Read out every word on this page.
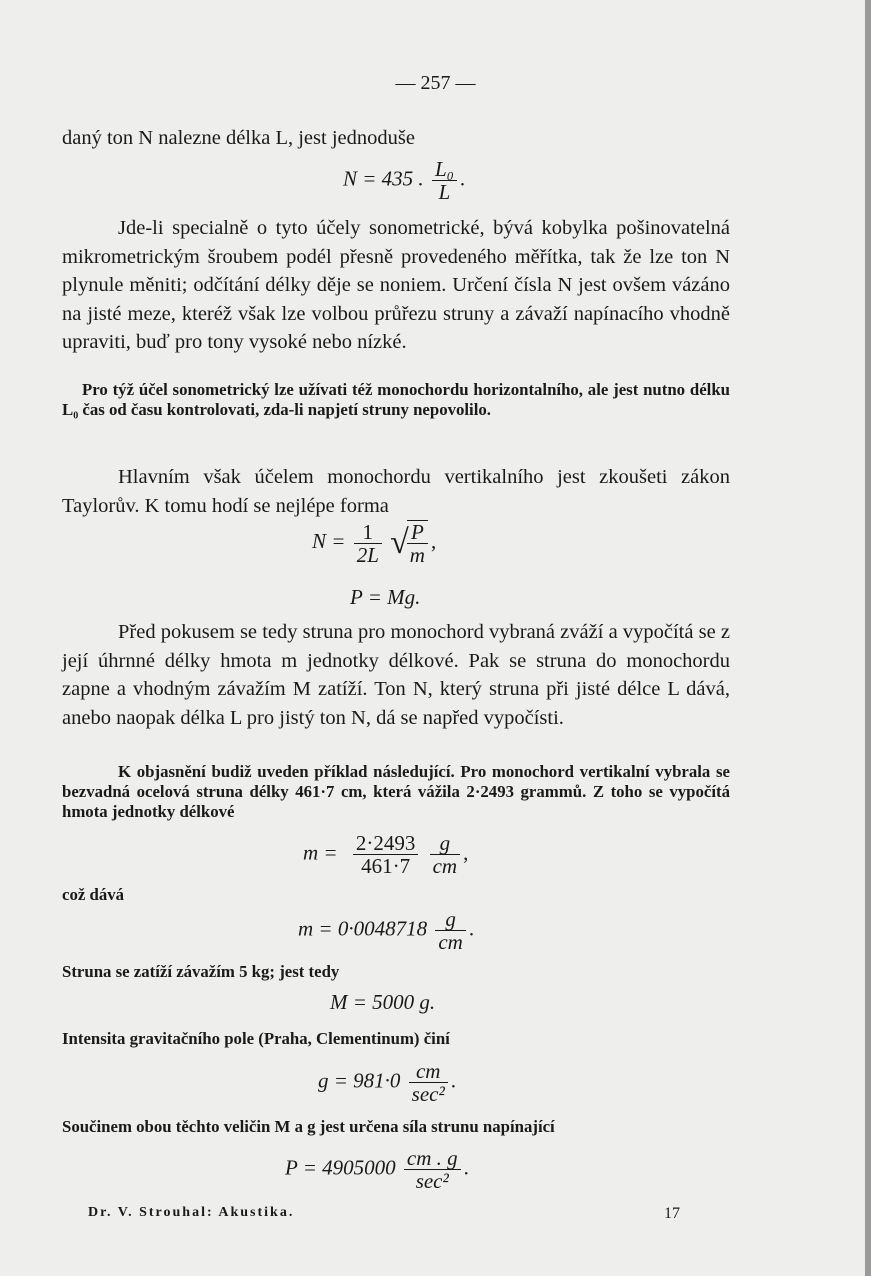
— 257 —

daný ton N nalezne délka L, jest jednoduše

N = 435 . $\frac{\text{L₀}}{L}$ .

Jde-li specialně o tyto účely sonometrické, bývá kobylka pošinovatelná mikrometrickým šroubem podél přesně provedeného měřítka, tak že lze ton N plynule měniti; odčítání délky děje se noniem. Určení čísla N jest ovšem vázáno na jisté meze, kteréž však lze volbou průřezu struny a závaží napínacího vhodně upraviti, buď pro tony vysoké nebo nízké.

Pro týž účel sonometrický lze užívati též monochordu horizontalního, ale jest nutno délku L₀ čas od času kontrolovati, zda-li napjetí struny nepovolilo.

Hlavním však účelem monochordu vertikalního jest zkoušeti zákon Taylorův. K tomu hodí se nejlépe forma

$N = \frac{1}{2L}$ √
$\frac{P}{m}$ ,
P = Mg.

Před pokusem se tedy struna pro monochord vybraná zváží a vypočítá se z její úhrnné délky hmota m jednotky délkové. Pak se struna do monochordu zapne a vhodným závažím M zatíží. Ton N, který struna při jisté délce L dává, anebo naopak délka L pro jistý ton N, dá se napřed vypočísti.

K objasnění budiž uveden příklad následující. Pro monochord vertikalní vybrala se bezvadná ocelová struna délky 461·7 cm, která vážila 2·2493 grammů. Z toho se vypočítá hmota jednotky délkové

$m = \frac{2\cdot 2493}{461\cdot 7}$
$\frac{g}{cm}$ ,

což dává

$m = 0\cdot 0048718 \frac{g}{cm}$ .

Struna se zatíží závažím 5 kg; jest tedy

M = 5000 g.

Intensita gravitačního pole (Praha, Clementinum) činí

$g = 981\cdot 0 \frac{cm}{\text{sec²}}$ .

Součinem obou těchto veličin M a g jest určena síla strunu napínající

$P = 4905000 \frac{cm . g}{\text{sec²}}$ .
Dr. V. Strouhal: Akustika.	17
